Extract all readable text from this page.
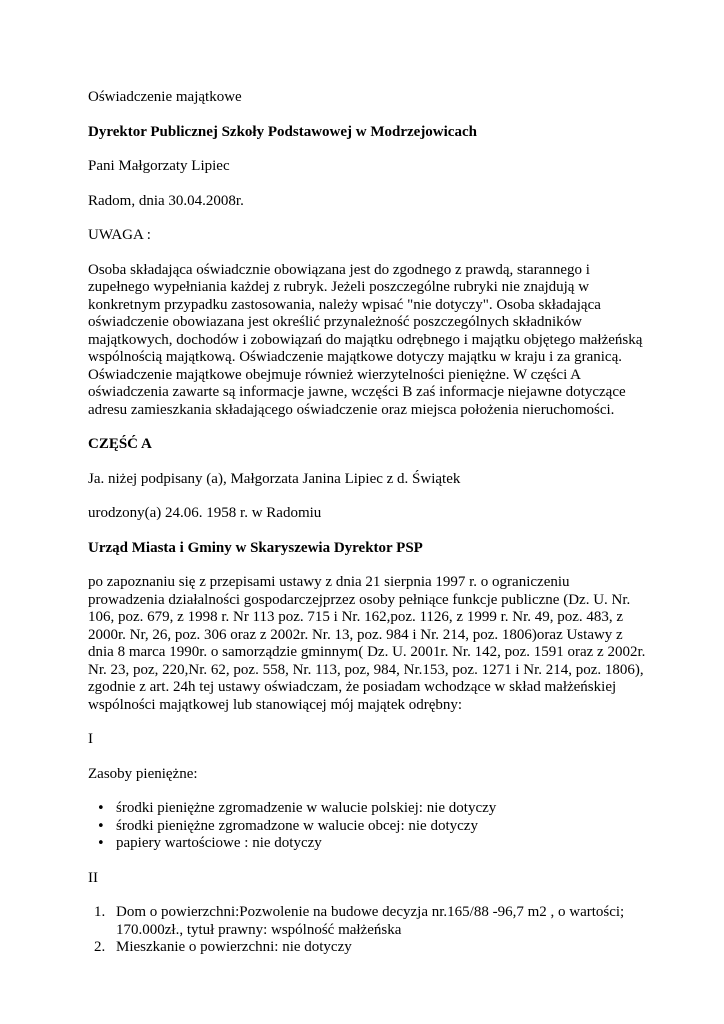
Oświadczenie majątkowe

Dyrektor Publicznej Szkoły Podstawowej w Modrzejowicach

Pani Małgorzaty Lipiec

Radom, dnia 30.04.2008r.

UWAGA :

Osoba składająca oświadcznie obowiązana jest do zgodnego z prawdą, starannego i zupełnego wypełniania każdej z rubryk. Jeżeli poszczególne rubryki nie znajdują w konkretnym przypadku zastosowania, należy wpisać "nie dotyczy". Osoba składająca oświadczenie obowiazana jest określić przynależność poszczególnych składników majątkowych, dochodów i zobowiązań do majątku odrębnego i majątku objętego małżeńską wspólnością majątkową. Oświadczenie majątkowe dotyczy majątku w kraju i za granicą. Oświadczenie majątkowe obejmuje również wierzytelności pieniężne. W części A oświadczenia zawarte są informacje jawne, wczęści B zaś informacje niejawne dotyczące adresu zamieszkania składającego oświadczenie oraz miejsca położenia nieruchomości.

CZĘŚĆ A

Ja. niżej podpisany (a), Małgorzata Janina Lipiec z d. Świątek

urodzony(a) 24.06. 1958 r. w Radomiu

Urząd Miasta i Gminy w Skaryszewia Dyrektor PSP

po zapoznaniu się z przepisami ustawy z dnia 21 sierpnia 1997 r. o ograniczeniu prowadzenia działalności gospodarczejprzez osoby pełniące funkcje publiczne (Dz. U. Nr. 106, poz. 679, z 1998 r. Nr 113 poz. 715 i Nr. 162,poz. 1126, z 1999 r. Nr. 49, poz. 483, z 2000r. Nr, 26, poz. 306 oraz z 2002r. Nr. 13, poz. 984 i Nr. 214, poz. 1806)oraz Ustawy z dnia 8 marca 1990r. o samorządzie gminnym( Dz. U. 2001r. Nr. 142, poz. 1591 oraz z 2002r. Nr. 23, poz, 220,Nr. 62, poz. 558, Nr. 113, poz, 984, Nr.153, poz. 1271 i Nr. 214, poz. 1806), zgodnie z art. 24h tej ustawy oświadczam, że posiadam wchodzące w skład małżeńskiej wspólności majątkowej lub stanowiącej mój majątek odrębny:

I

Zasoby pieniężne:

• środki pieniężne zgromadzenie w walucie polskiej: nie dotyczy
• środki pieniężne zgromadzone w walucie obcej: nie dotyczy
• papiery wartościowe : nie dotyczy

II

1. Dom o powierzchni:Pozwolenie na budowe decyzja nr.165/88 -96,7 m2 , o wartości; 170.000zł., tytuł prawny: wspólność małżeńska
2. Mieszkanie o powierzchni: nie dotyczy
